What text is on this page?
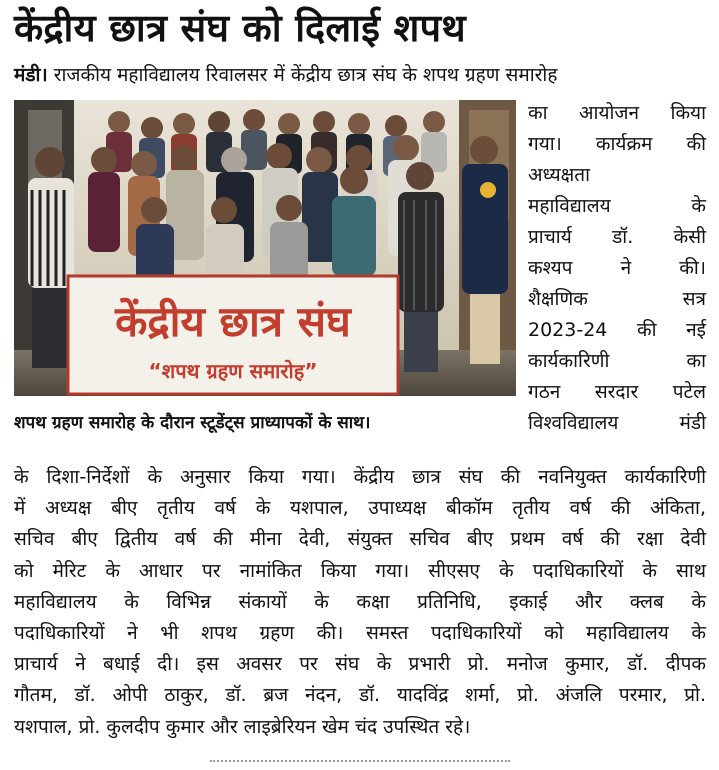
केंद्रीय छात्र संघ को दिलाई शपथ
मंडी। राजकीय महाविद्यालय रिवालसर में केंद्रीय छात्र संघ के शपथ ग्रहण समारोह
केंद्रीय छात्र संघ
“शपथ ग्रहण समारोह”
का आयोजन किया
गया। कार्यक्रम की
अध्यक्षता
महाविद्यालय के
प्राचार्य डॉ. केसी
कश्यप ने की।
शैक्षणिक सत्र
2023-24 की नई
कार्यकारिणी का
गठन सरदार पटेल
विश्वविद्यालय मंडी
शपथ ग्रहण समारोह के दौरान स्टूडेंट्स प्राध्यापकों के साथ।
के दिशा-निर्देशों के अनुसार किया गया। केंद्रीय छात्र संघ की नवनियुक्त कार्यकारिणी
में अध्यक्ष बीए तृतीय वर्ष के यशपाल, उपाध्यक्ष बीकॉम तृतीय वर्ष की अंकिता,
सचिव बीए द्वितीय वर्ष की मीना देवी, संयुक्त सचिव बीए प्रथम वर्ष की रक्षा देवी
को मेरिट के आधार पर नामांकित किया गया। सीएसए के पदाधिकारियों के साथ
महाविद्यालय के विभिन्न संकायों के कक्षा प्रतिनिधि, इकाई और क्लब के
पदाधिकारियों ने भी शपथ ग्रहण की। समस्त पदाधिकारियों को महाविद्यालय के
प्राचार्य ने बधाई दी। इस अवसर पर संघ के प्रभारी प्रो. मनोज कुमार, डॉ. दीपक
गौतम, डॉ. ओपी ठाकुर, डॉ. ब्रज नंदन, डॉ. यादविंद्र शर्मा, प्रो. अंजलि परमार, प्रो.
यशपाल, प्रो. कुलदीप कुमार और लाइब्रेरियन खेम चंद उपस्थित रहे।
